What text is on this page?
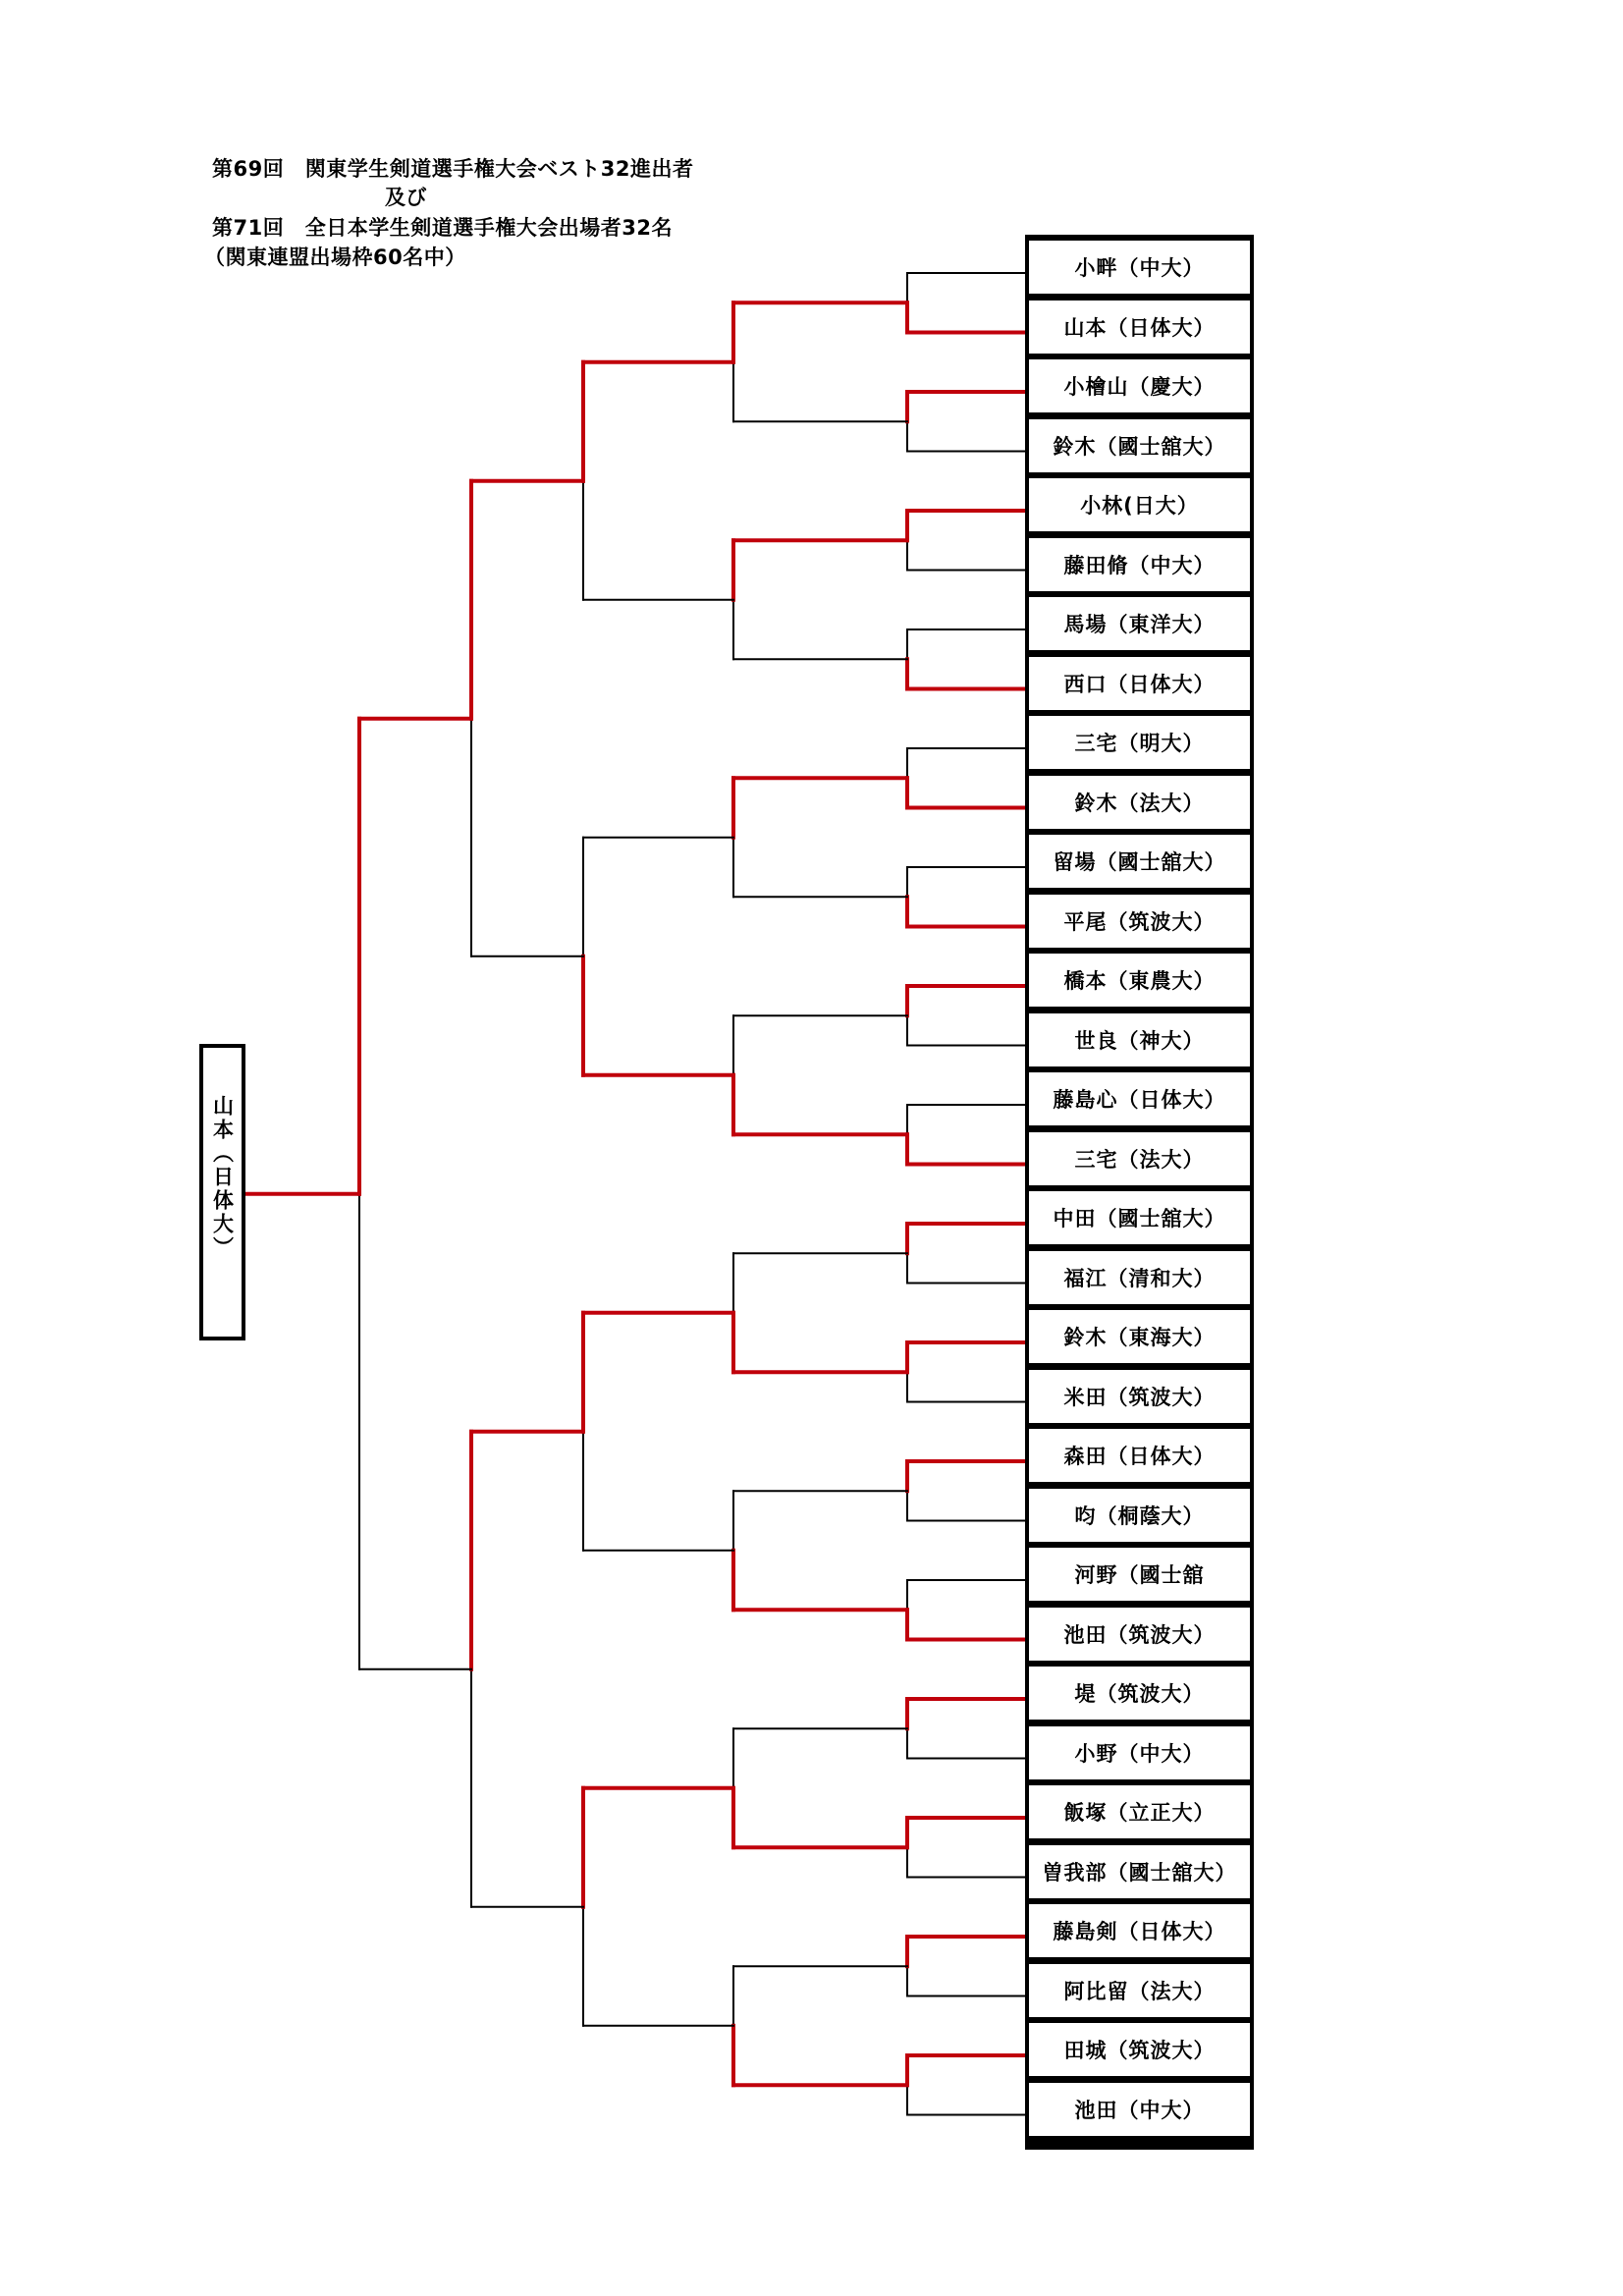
第69回　関東学生剣道選手権大会ベスト32進出者
及び
第71回　全日本学生剣道選手権大会出場者32名
（関東連盟出場枠60名中）	小畔（中大）
山本（日体大）
小檜山（慶大）
鈴木（國士舘大）
小林(日大）
藤田脩（中大）
馬場（東洋大）
西口（日体大）
三宅（明大）
鈴木（法大）
留場（國士舘大）
平尾（筑波大）
橋本（東農大）
世良（神大）
藤島心（日体大）
三宅（法大）
中田（國士舘大）
福江（清和大）
鈴木（東海大）
米田（筑波大）
森田（日体大）
呁（桐蔭大）
河野（國士舘
池田（筑波大）
堤（筑波大）
小野（中大）
飯塚（立正大）
曽我部（國士舘大）
藤島剣（日体大）
阿比留（法大）
田城（筑波大）
池田（中大）
山本（日体大）
